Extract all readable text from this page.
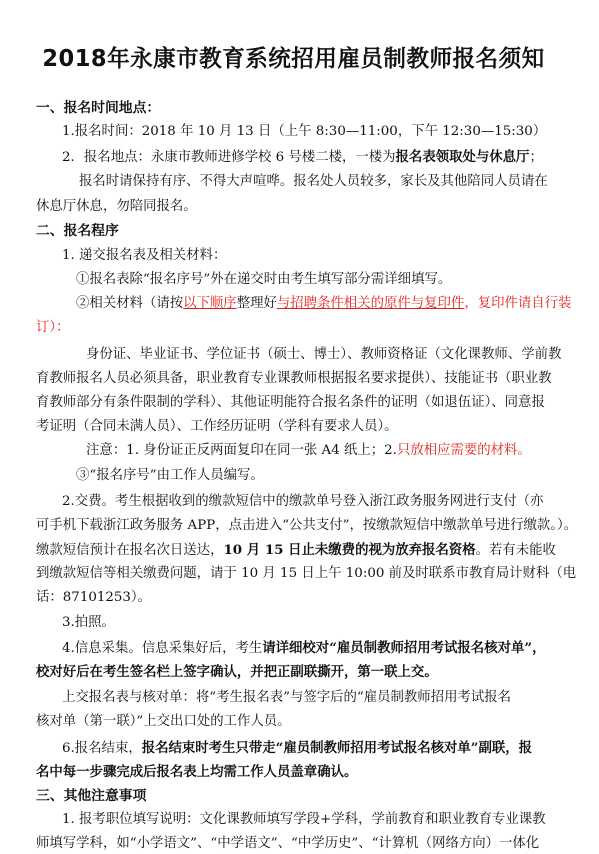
2018年永康市教育系统招用雇员制教师报名须知
一、报名时间地点：
1.报名时间：2018 年 10 月 13 日（上午 8:30—11:00，下午 12:30—15:30）
2．报名地点：永康市教师进修学校 6 号楼二楼，一楼为报名表领取处与休息厅；
报名时请保持有序、不得大声喧哗。报名处人员较多，家长及其他陪同人员请在
休息厅休息，勿陪同报名。
二、报名程序
1. 递交报名表及相关材料：
①报名表除“报名序号”外在递交时由考生填写部分需详细填写。
②相关材料（请按以下顺序整理好与招聘条件相关的原件与复印件，复印件请自行装
订）：
身份证、毕业证书、学位证书（硕士、博士）、教师资格证（文化课教师、学前教
育教师报名人员必须具备，职业教育专业课教师根据报名要求提供）、技能证书（职业教
育教师部分有条件限制的学科）、其他证明能符合报名条件的证明（如退伍证）、同意报
考证明（合同未满人员）、工作经历证明（学科有要求人员）。
注意：1. 身份证正反两面复印在同一张 A4 纸上；2.只放相应需要的材料。
③“报名序号”由工作人员编写。
2.交费。考生根据收到的缴款短信中的缴款单号登入浙江政务服务网进行支付（亦
可手机下载浙江政务服务 APP，点击进入“公共支付”，按缴款短信中缴款单号进行缴款。）。
缴款短信预计在报名次日送达，10 月 15 日止未缴费的视为放弃报名资格。若有未能收
到缴款短信等相关缴费问题，请于 10 月 15 日上午 10:00 前及时联系市教育局计财科（电
话：87101253）。
3.拍照。
4.信息采集。信息采集好后，考生请详细校对“雇员制教师招用考试报名核对单”，
校对好后在考生签名栏上签字确认，并把正副联撕开，第一联上交。
上交报名表与核对单：将“考生报名表”与签字后的“雇员制教师招用考试报名
核对单（第一联）”上交出口处的工作人员。
6.报名结束，报名结束时考生只带走“雇员制教师招用考试报名核对单”副联，报
名中每一步骤完成后报名表上均需工作人员盖章确认。
三、其他注意事项
1. 报考职位填写说明：文化课教师填写学段+学科，学前教育和职业教育专业课教
师填写学科，如“小学语文”、“中学语文”、“中学历史”、“计算机（网络方向）一体化
